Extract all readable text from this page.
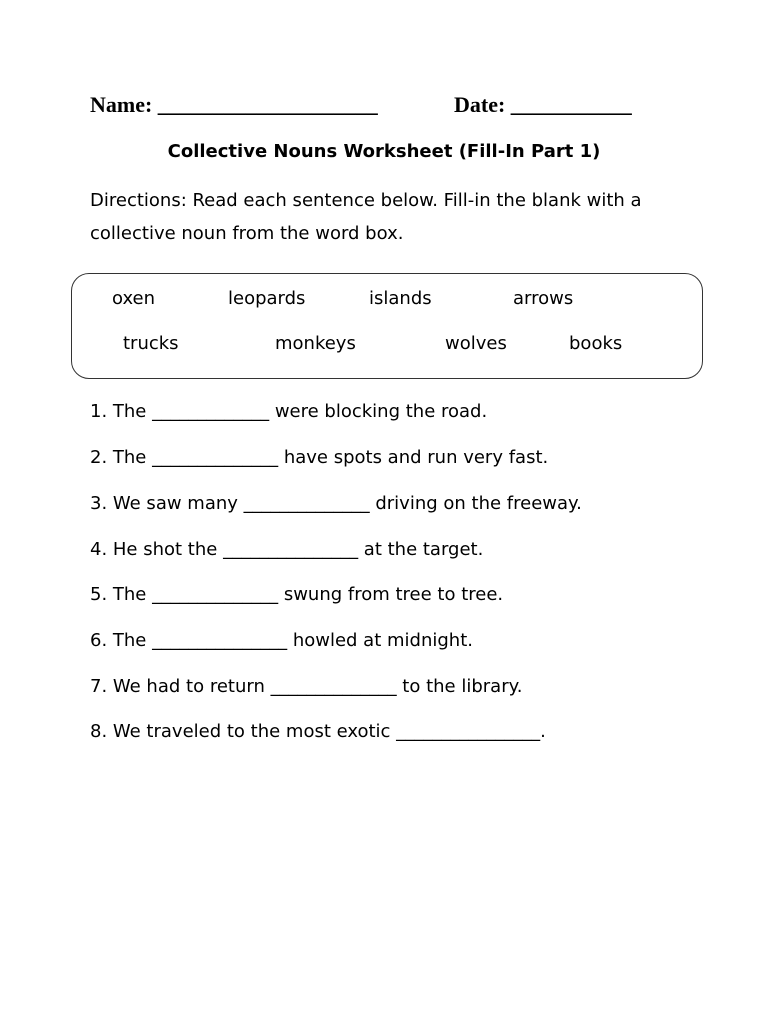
Name: ____________________	Date: ___________
Collective Nouns Worksheet (Fill-In Part 1)
Directions: Read each sentence below. Fill-in the blank with a collective noun from the word box.
oxen	leopards	islands	arrows
trucks	monkeys	wolves	books
1. The _____________ were blocking the road.
2. The ______________ have spots and run very fast.
3. We saw many ______________ driving on the freeway.
4. He shot the _______________ at the target.
5. The ______________ swung from tree to tree.
6. The _______________ howled at midnight.
7. We had to return ______________ to the library.
8. We traveled to the most exotic ________________.
